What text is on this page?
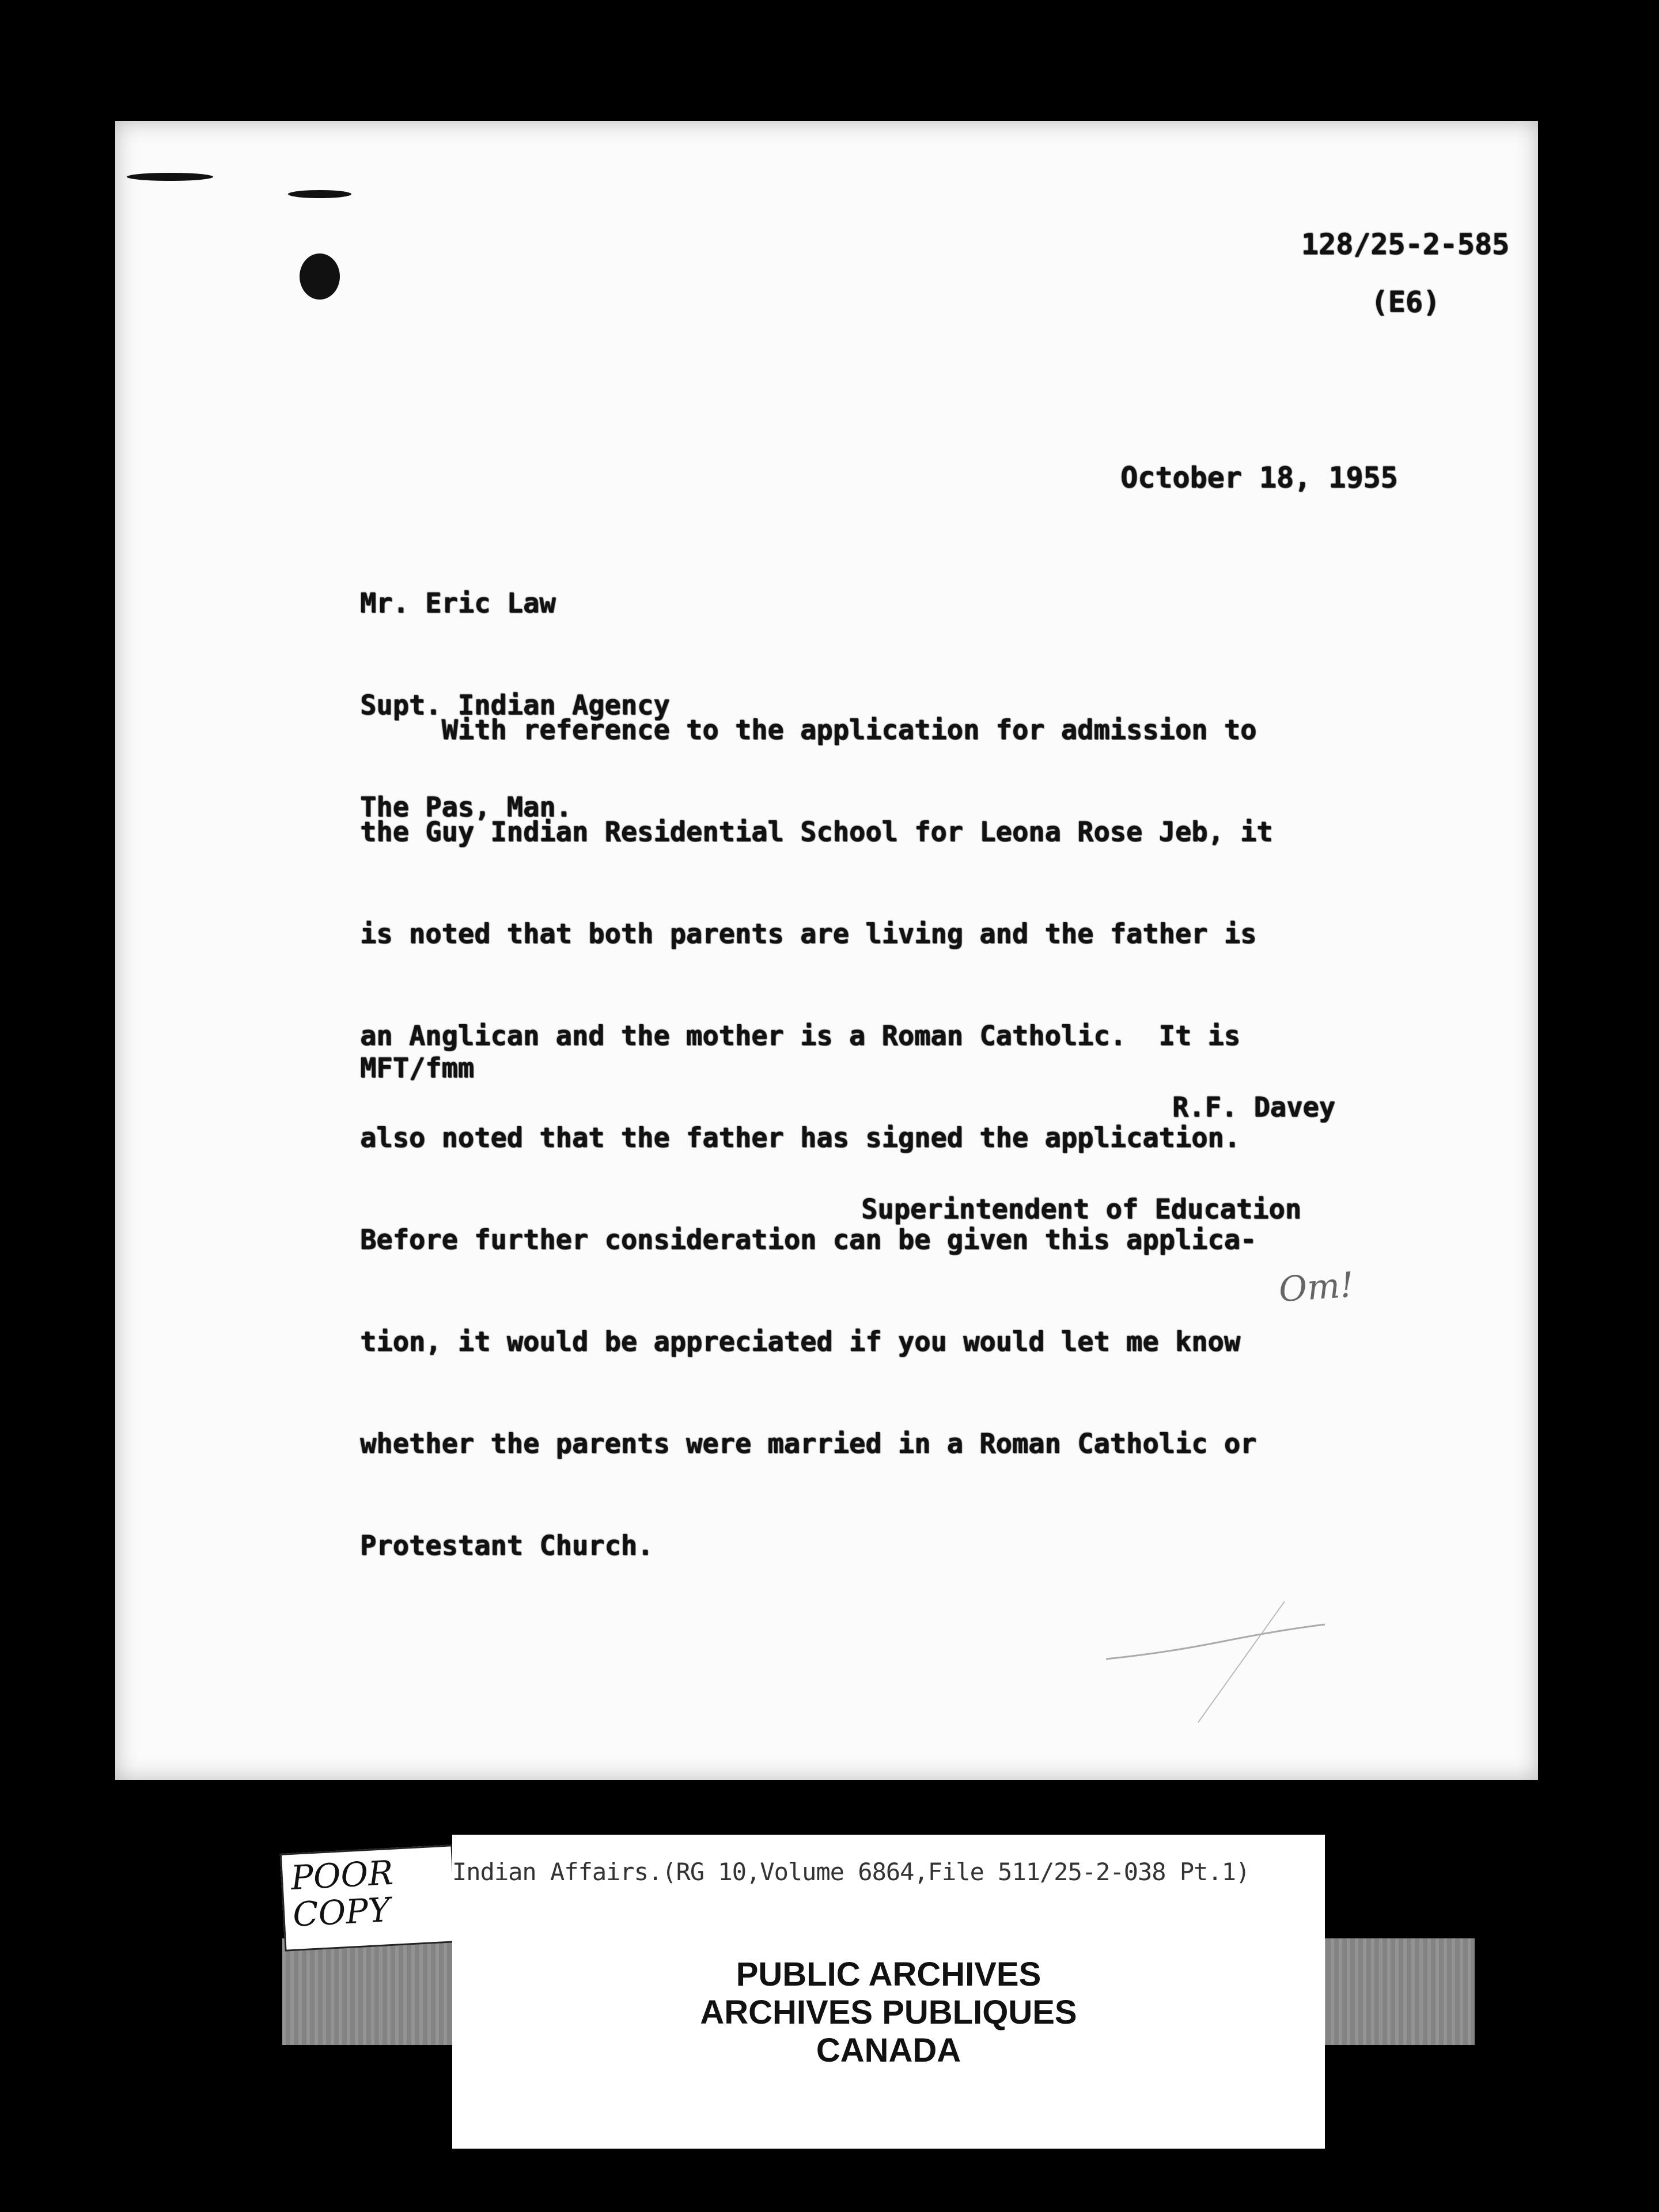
128/25-2-585
(E6)
October 18, 1955

Mr. Eric Law

Supt. Indian Agency

The Pas, Man.

With reference to the application for admission to

the Guy Indian Residential School for Leona Rose Jeb, it

is noted that both parents are living and the father is

an Anglican and the mother is a Roman Catholic.  It is

also noted that the father has signed the application.

Before further consideration can be given this applica-

tion, it would be appreciated if you would let me know

whether the parents were married in a Roman Catholic or

Protestant Church.

R.F. Davey

Superintendent of Education

MFT/fmm
Om!
POOR
COPY
Indian Affairs.(RG 10,Volume 6864,File 511/25-2-038 Pt.1)
PUBLIC ARCHIVES
ARCHIVES PUBLIQUES
CANADA
